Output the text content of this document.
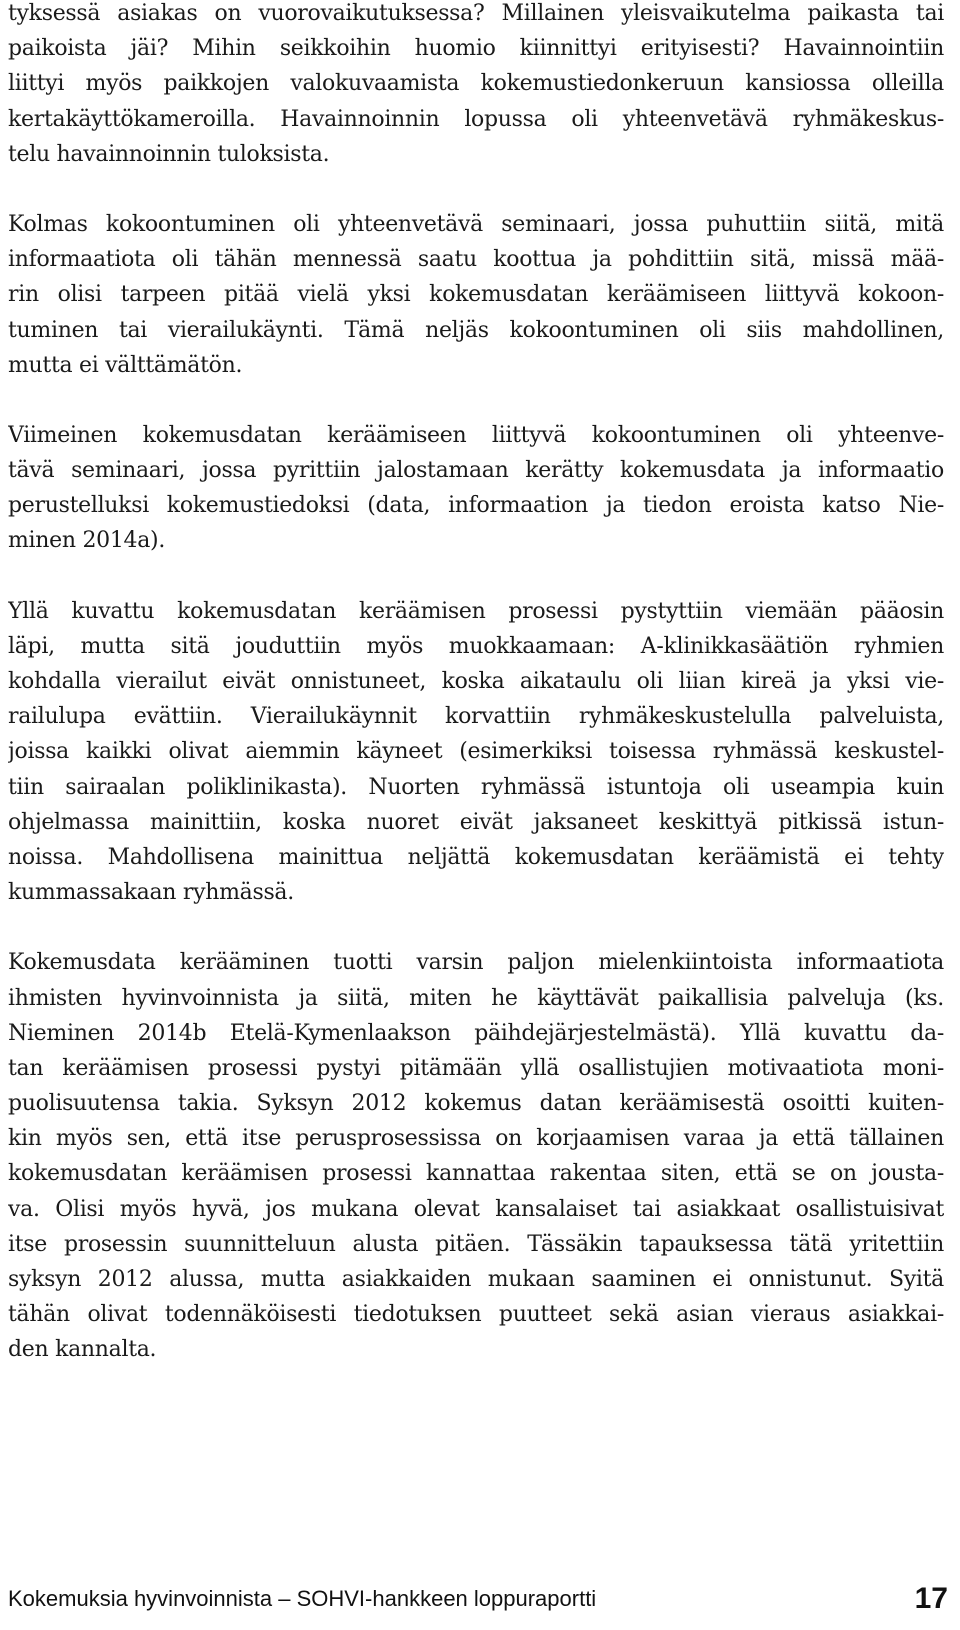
tyksessä asiakas on vuorovaikutuksessa? Millainen yleisvaikutelma paikasta tai
paikoista jäi? Mihin seikkoihin huomio kiinnittyi erityisesti? Havainnointiin
liittyi myös paikkojen valokuvaamista kokemustiedonkeruun kansiossa olleilla
kertakäyttökameroilla. Havainnoinnin lopussa oli yhteenvetävä ryhmäkeskus-
telu havainnoinnin tuloksista.
Kolmas kokoontuminen oli yhteenvetävä seminaari, jossa puhuttiin siitä, mitä
informaatiota oli tähän mennessä saatu koottua ja pohdittiin sitä, missä mää-
rin olisi tarpeen pitää vielä yksi kokemusdatan keräämiseen liittyvä kokoon-
tuminen tai vierailukäynti. Tämä neljäs kokoontuminen oli siis mahdollinen,
mutta ei välttämätön.
Viimeinen kokemusdatan keräämiseen liittyvä kokoontuminen oli yhteenve-
tävä seminaari, jossa pyrittiin jalostamaan kerätty kokemusdata ja informaatio
perustelluksi kokemustiedoksi (data, informaation ja tiedon eroista katso Nie-
minen 2014a).
Yllä kuvattu kokemusdatan keräämisen prosessi pystyttiin viemään pääosin
läpi, mutta sitä jouduttiin myös muokkaamaan: A-klinikkasäätiön ryhmien
kohdalla vierailut eivät onnistuneet, koska aikataulu oli liian kireä ja yksi vie-
railulupa evättiin. Vierailukäynnit korvattiin ryhmäkeskustelulla palveluista,
joissa kaikki olivat aiemmin käyneet (esimerkiksi toisessa ryhmässä keskustel-
tiin sairaalan poliklinikasta). Nuorten ryhmässä istuntoja oli useampia kuin
ohjelmassa mainittiin, koska nuoret eivät jaksaneet keskittyä pitkissä istun-
noissa. Mahdollisena mainittua neljättä kokemusdatan keräämistä ei tehty
kummassakaan ryhmässä.
Kokemusdata kerääminen tuotti varsin paljon mielenkiintoista informaatiota
ihmisten hyvinvoinnista ja siitä, miten he käyttävät paikallisia palveluja (ks.
Nieminen 2014b Etelä-Kymenlaakson päihdejärjestelmästä). Yllä kuvattu da-
tan keräämisen prosessi pystyi pitämään yllä osallistujien motivaatiota moni-
puolisuutensa takia. Syksyn 2012 kokemus datan keräämisestä osoitti kuiten-
kin myös sen, että itse perusprosessissa on korjaamisen varaa ja että tällainen
kokemusdatan keräämisen prosessi kannattaa rakentaa siten, että se on jousta-
va. Olisi myös hyvä, jos mukana olevat kansalaiset tai asiakkaat osallistuisivat
itse prosessin suunnitteluun alusta pitäen. Tässäkin tapauksessa tätä yritettiin
syksyn 2012 alussa, mutta asiakkaiden mukaan saaminen ei onnistunut. Syitä
tähän olivat todennäköisesti tiedotuksen puutteet sekä asian vieraus asiakkai-
den kannalta.
Kokemuksia hyvinvoinnista – SOHVI-hankkeen loppuraportti	17
